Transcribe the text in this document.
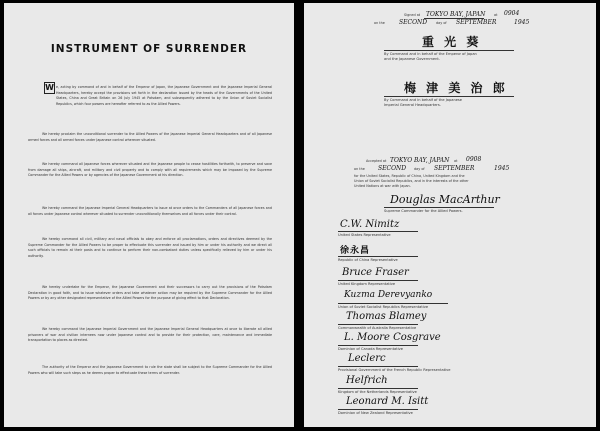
INSTRUMENT OF SURRENDER
W e, acting by command of and in behalf of the Emperor of Japan, the Japanese Government and the Japanese Imperial General Headquarters, hereby accept the provisions set forth in the declaration issued by the heads of the Governments of the United States, China and Great Britain on 26 July 1945 at Potsdam, and subsequently adhered to by the Union of Soviet Socialist Republics, which four powers are hereafter referred to as the Allied Powers.

We hereby proclaim the unconditional surrender to the Allied Powers of the Japanese Imperial General Headquarters and of all Japanese armed forces and all armed forces under Japanese control wherever situated.

We hereby command all Japanese forces wherever situated and the Japanese people to cease hostilities forthwith, to preserve and save from damage all ships, aircraft, and military and civil property and to comply with all requirements which may be imposed by the Supreme Commander for the Allied Powers or by agencies of the Japanese Government at his direction.

We hereby command the Japanese Imperial General Headquarters to issue at once orders to the Commanders of all Japanese forces and all forces under Japanese control wherever situated to surrender unconditionally themselves and all forces under their control.

We hereby command all civil, military and naval officials to obey and enforce all proclamations, orders and directives deemed by the Supreme Commander for the Allied Powers to be proper to effectuate this surrender and issued by him or under his authority and we direct all such officials to remain at their posts and to continue to perform their non-combatant duties unless specifically relieved by him or under his authority.

We hereby undertake for the Emperor, the Japanese Government and their successors to carry out the provisions of the Potsdam Declaration in good faith, and to issue whatever orders and take whatever action may be required by the Supreme Commander for the Allied Powers or by any other designated representative of the Allied Powers for the purpose of giving effect to that Declaration.

We hereby command the Japanese Imperial Government and the Japanese Imperial General Headquarters at once to liberate all allied prisoners of war and civilian internees now under Japanese control and to provide for their protection, care, maintenance and immediate transportation to places as directed.

The authority of the Emperor and the Japanese Government to rule the state shall be subject to the Supreme Commander for the Allied Powers who will take such steps as he deems proper to effectuate these terms of surrender.

Signed at TOKYO BAY, JAPAN	at 0904
on the SECOND	day of SEPTEMBER	1945
重 光 葵
By Command and in behalf of the Emperor of Japan
and the Japanese Government.
梅 津 美 治 郎
By Command and in behalf of the Japanese
Imperial General Headquarters.
Accepted at TOKYO BAY, JAPAN at 0908
on the SECOND day of SEPTEMBER	1945
for the United States, Republic of China, United Kingdom and the
Union of Soviet Socialist Republics, and in the interests of the other
United Nations at war with Japan.
Douglas MacArthur
Supreme Commander for the Allied Powers.
C.W. Nimitz
United States Representative
徐永昌
Republic of China Representative
Bruce Fraser
United Kingdom Representative
Kuzma Derevyanko
Union of Soviet Socialist Republics Representative
Thomas Blamey
Commonwealth of Australia Representative
L. Moore Cosgrave
Dominion of Canada Representative
Leclerc
Provisional Government of the French Republic Representative
Helfrich
Kingdom of the Netherlands Representative
Leonard M. Isitt
Dominion of New Zealand Representative
